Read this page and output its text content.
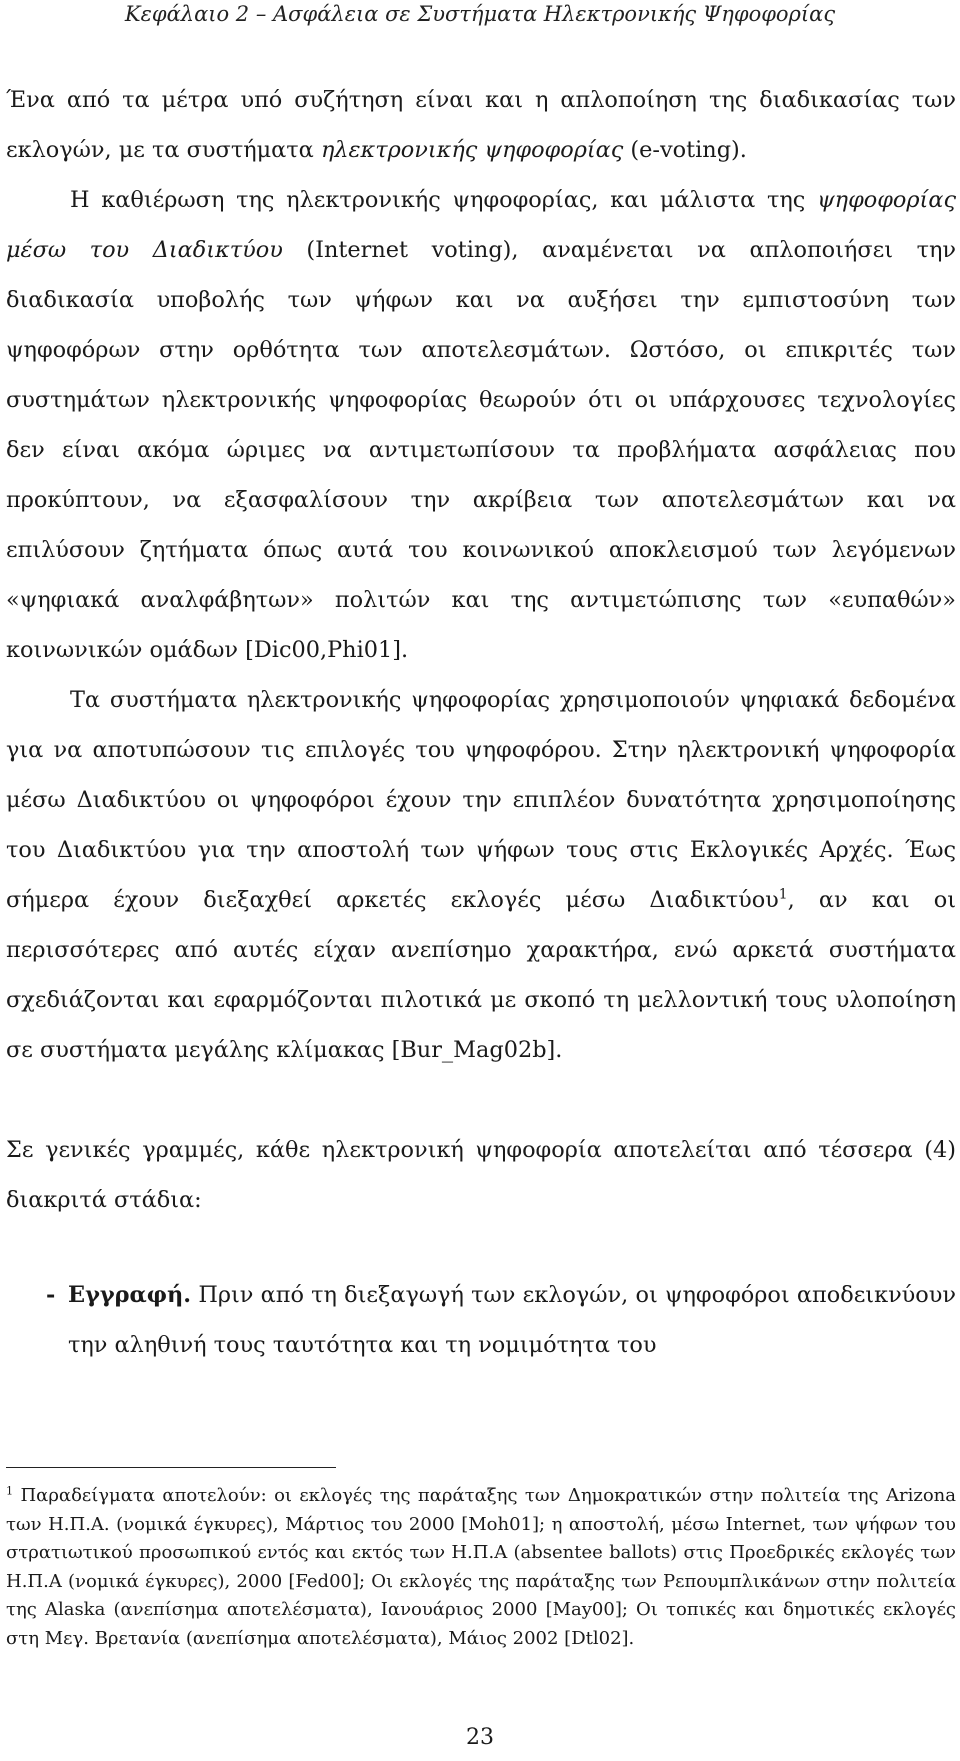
Κεφάλαιο 2 – Ασφάλεια σε Συστήματα Ηλεκτρονικής Ψηφοφορίας

Ένα από τα μέτρα υπό συζήτηση είναι και η απλοποίηση της διαδικασίας των εκλογών, με τα συστήματα ηλεκτρονικής ψηφοφορίας (e-voting).

Η καθιέρωση της ηλεκτρονικής ψηφοφορίας, και μάλιστα της ψηφοφορίας μέσω του Διαδικτύου (Internet voting), αναμένεται να απλοποιήσει την διαδικασία υποβολής των ψήφων και να αυξήσει την εμπιστοσύνη των ψηφοφόρων στην ορθότητα των αποτελεσμάτων. Ωστόσο, οι επικριτές των συστημάτων ηλεκτρονικής ψηφοφορίας θεωρούν ότι οι υπάρχουσες τεχνολογίες δεν είναι ακόμα ώριμες να αντιμετωπίσουν τα προβλήματα ασφάλειας που προκύπτουν, να εξασφαλίσουν την ακρίβεια των αποτελεσμάτων και να επιλύσουν ζητήματα όπως αυτά του κοινωνικού αποκλεισμού των λεγόμενων «ψηφιακά αναλφάβητων» πολιτών και της αντιμετώπισης των «ευπαθών» κοινωνικών ομάδων [Dic00,Phi01].

Τα συστήματα ηλεκτρονικής ψηφοφορίας χρησιμοποιούν ψηφιακά δεδομένα για να αποτυπώσουν τις επιλογές του ψηφοφόρου. Στην ηλεκτρονική ψηφοφορία μέσω Διαδικτύου οι ψηφοφόροι έχουν την επιπλέον δυνατότητα χρησιμοποίησης του Διαδικτύου για την αποστολή των ψήφων τους στις Εκλογικές Αρχές. Έως σήμερα έχουν διεξαχθεί αρκετές εκλογές μέσω Διαδικτύου$^1$, αν και οι περισσότερες από αυτές είχαν ανεπίσημο χαρακτήρα, ενώ αρκετά συστήματα σχεδιάζονται και εφαρμόζονται πιλοτικά με σκοπό τη μελλοντική τους υλοποίηση σε συστήματα μεγάλης κλίμακας [Bur_Mag02b].

Σε γενικές γραμμές, κάθε ηλεκτρονική ψηφοφορία αποτελείται από τέσσερα (4) διακριτά στάδια:

- Εγγραφή. Πριν από τη διεξαγωγή των εκλογών, οι ψηφοφόροι αποδεικνύουν την αληθινή τους ταυτότητα και τη νομιμότητα του

$^1$ Παραδείγματα αποτελούν: οι εκλογές της παράταξης των Δημοκρατικών στην πολιτεία της Arizona των Η.Π.Α. (νομικά έγκυρες), Μάρτιος του 2000 [Moh01]; η αποστολή, μέσω Internet, των ψήφων του στρατιωτικού προσωπικού εντός και εκτός των Η.Π.Α (absentee ballots) στις Προεδρικές εκλογές των Η.Π.Α (νομικά έγκυρες), 2000 [Fed00]; Οι εκλογές της παράταξης των Ρεπουμπλικάνων στην πολιτεία της Alaska (ανεπίσημα αποτελέσματα), Ιανουάριος 2000 [May00]; Οι τοπικές και δημοτικές εκλογές στη Μεγ. Βρετανία (ανεπίσημα αποτελέσματα), Μάιος 2002 [Dtl02].

23
